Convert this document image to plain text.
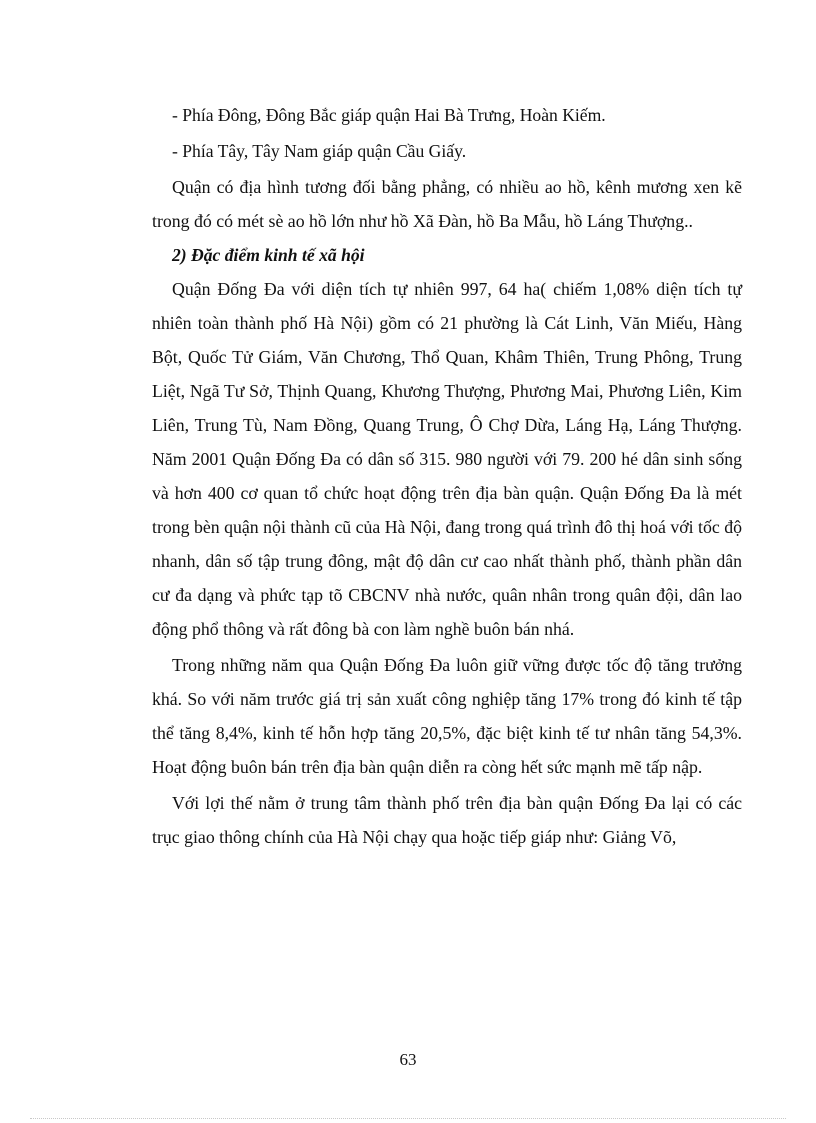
- Phía Đông, Đông Bắc giáp quận Hai Bà Trưng, Hoàn Kiếm.

- Phía Tây, Tây Nam giáp quận Cầu Giấy.

Quận có địa hình tương đối bằng phẳng, có nhiều ao hồ, kênh mương xen kẽ trong đó có mét sè ao hồ lớn như hồ Xã Đàn, hồ Ba Mẫu, hồ Láng Thượng..

2) Đặc điểm kinh tế xã hội

Quận Đống Đa với diện tích tự nhiên 997, 64 ha( chiếm 1,08% diện tích tự nhiên toàn thành phố Hà Nội) gồm có 21 phường là Cát Linh, Văn Miếu, Hàng Bột, Quốc Tử Giám, Văn Chương, Thổ Quan, Khâm Thiên, Trung Phông, Trung Liệt, Ngã Tư Sở, Thịnh Quang, Khương Thượng, Phương Mai, Phương Liên, Kim Liên, Trung Tù, Nam Đồng, Quang Trung, Ô Chợ Dừa, Láng Hạ, Láng Thượng. Năm 2001 Quận Đống Đa có dân số 315. 980 người với 79. 200 hé dân sinh sống và hơn 400 cơ quan tổ chức hoạt động trên địa bàn quận. Quận Đống Đa là mét trong bèn quận nội thành cũ của Hà Nội, đang trong quá trình đô thị hoá với tốc độ nhanh, dân số tập trung đông, mật độ dân cư cao nhất thành phố, thành phần dân cư đa dạng và phức tạp tõ CBCNV nhà nước, quân nhân trong quân đội, dân lao động phổ thông và rất đông bà con làm nghề buôn bán nhá.

Trong những năm qua Quận Đống Đa luôn giữ vững được tốc độ tăng trưởng khá. So với năm trước giá trị sản xuất công nghiệp tăng 17% trong đó kinh tế tập thể tăng 8,4%, kinh tế hỗn hợp tăng 20,5%, đặc biệt kinh tế tư nhân tăng 54,3%. Hoạt động buôn bán trên địa bàn quận diễn ra còng hết sức mạnh mẽ tấp nập.

Với lợi thế nằm ở trung tâm thành phố trên địa bàn quận Đống Đa lại có các trục giao thông chính của Hà Nội chạy qua hoặc tiếp giáp như: Giảng Võ,

63
